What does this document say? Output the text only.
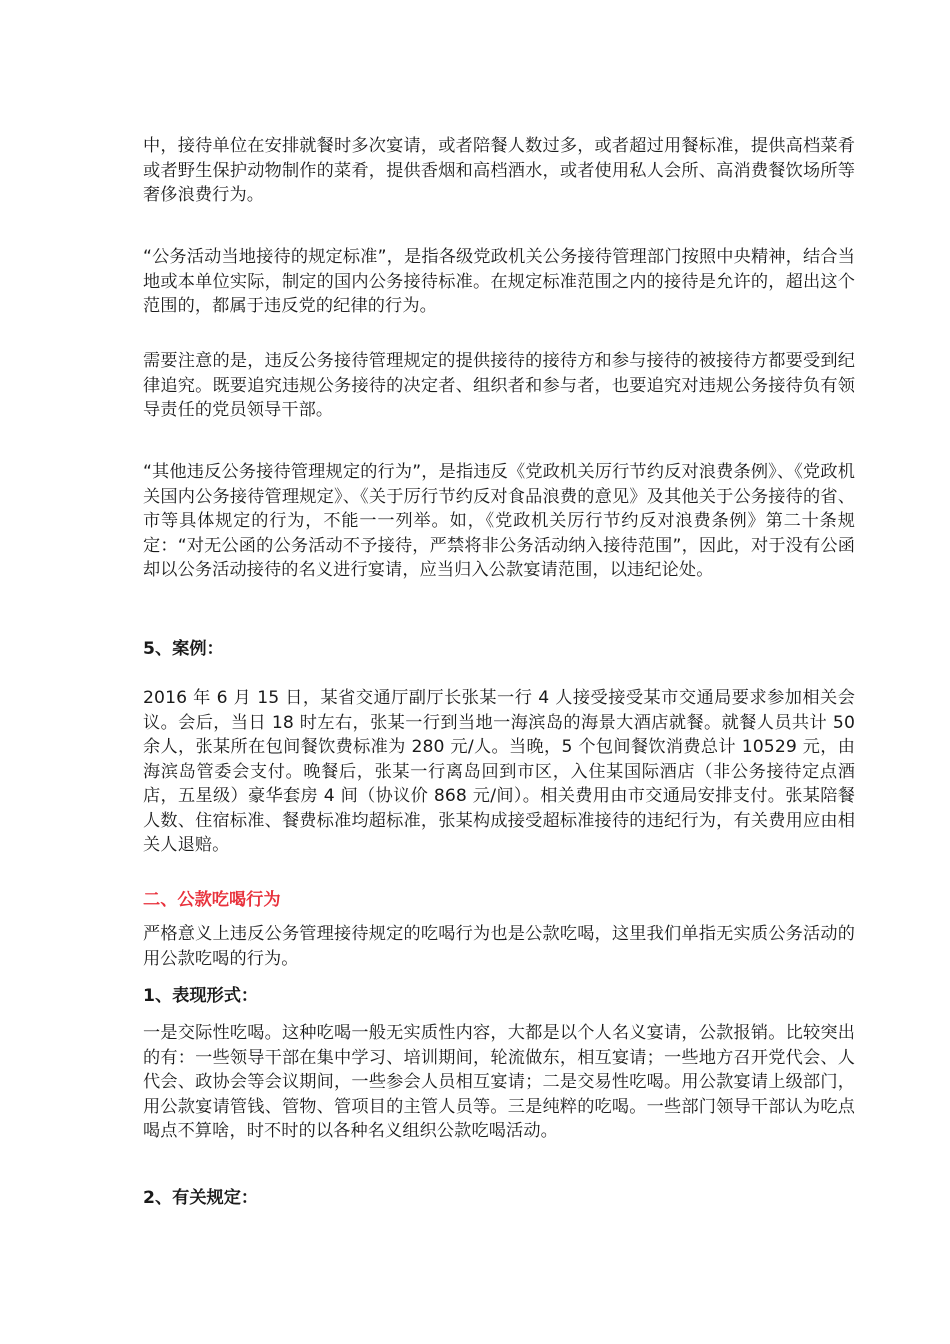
中，接待单位在安排就餐时多次宴请，或者陪餐人数过多，或者超过用餐标准，提供高档菜肴或者野生保护动物制作的菜肴，提供香烟和高档酒水，或者使用私人会所、高消费餐饮场所等奢侈浪费行为。

“公务活动当地接待的规定标准”，是指各级党政机关公务接待管理部门按照中央精神，结合当地或本单位实际，制定的国内公务接待标准。在规定标准范围之内的接待是允许的，超出这个范围的，都属于违反党的纪律的行为。

需要注意的是，违反公务接待管理规定的提供接待的接待方和参与接待的被接待方都要受到纪律追究。既要追究违规公务接待的决定者、组织者和参与者，也要追究对违规公务接待负有领导责任的党员领导干部。

“其他违反公务接待管理规定的行为”，是指违反《党政机关厉行节约反对浪费条例》、《党政机关国内公务接待管理规定》、《关于厉行节约反对食品浪费的意见》及其他关于公务接待的省、市等具体规定的行为，不能一一列举。如，《党政机关厉行节约反对浪费条例》第二十条规定：“对无公函的公务活动不予接待，严禁将非公务活动纳入接待范围”，因此，对于没有公函却以公务活动接待的名义进行宴请，应当归入公款宴请范围，以违纪论处。

5、案例：

2016 年 6 月 15 日，某省交通厅副厅长张某一行 4 人接受接受某市交通局要求参加相关会议。会后，当日 18 时左右，张某一行到当地一海滨岛的海景大酒店就餐。就餐人员共计 50 余人，张某所在包间餐饮费标准为 280 元/人。当晚，5 个包间餐饮消费总计 10529 元，由海滨岛管委会支付。晚餐后，张某一行离岛回到市区，入住某国际酒店（非公务接待定点酒店，五星级）豪华套房 4 间（协议价 868 元/间）。相关费用由市交通局安排支付。张某陪餐人数、住宿标准、餐费标准均超标准，张某构成接受超标准接待的违纪行为，有关费用应由相关人退赔。

二、公款吃喝行为

严格意义上违反公务管理接待规定的吃喝行为也是公款吃喝，这里我们单指无实质公务活动的用公款吃喝的行为。

1、表现形式：

一是交际性吃喝。这种吃喝一般无实质性内容，大都是以个人名义宴请，公款报销。比较突出的有：一些领导干部在集中学习、培训期间，轮流做东，相互宴请；一些地方召开党代会、人代会、政协会等会议期间，一些参会人员相互宴请；二是交易性吃喝。用公款宴请上级部门，用公款宴请管钱、管物、管项目的主管人员等。三是纯粹的吃喝。一些部门领导干部认为吃点喝点不算啥，时不时的以各种名义组织公款吃喝活动。

2、有关规定：
